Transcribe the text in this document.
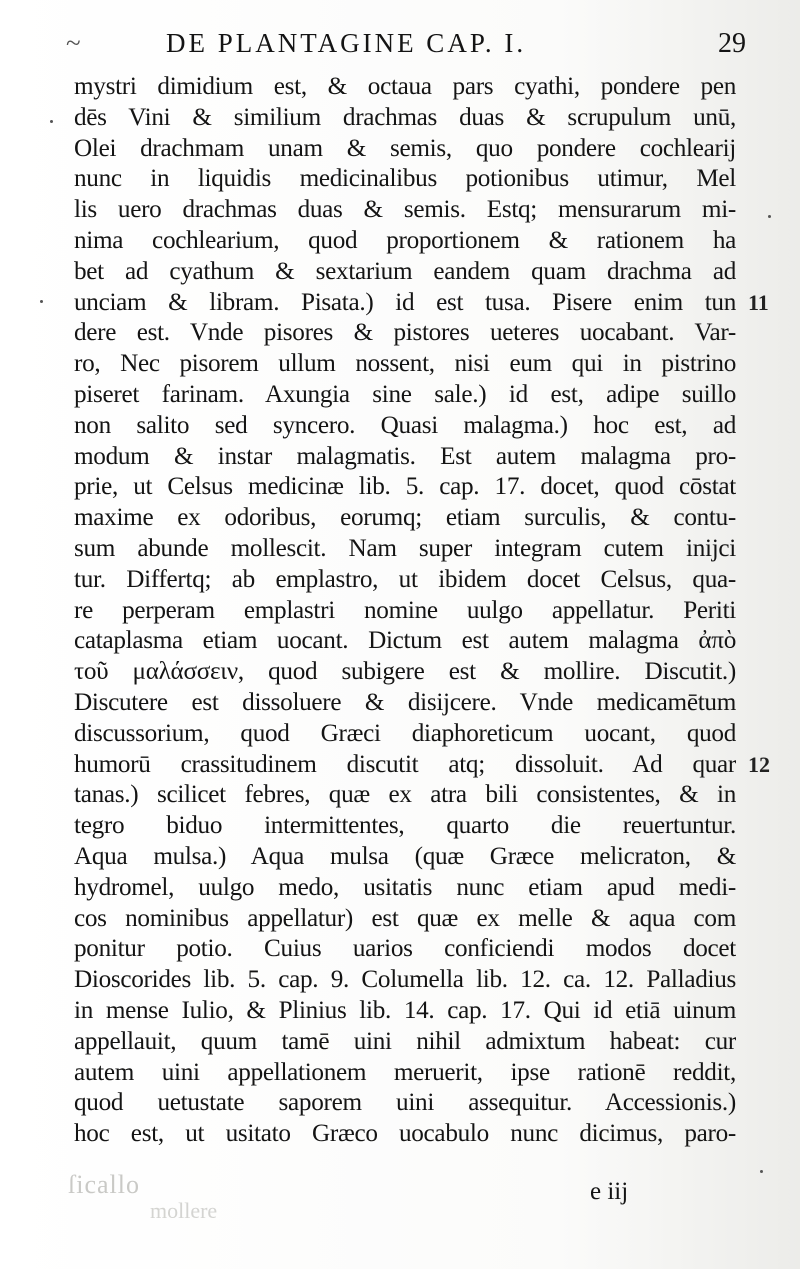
~	DE PLANTAGINE CAP. I.	29
mystri dimidium est, & octaua pars cyathi, pondere pen
dēs Vini & similium drachmas duas & scrupulum unū,
Olei drachmam unam & semis, quo pondere cochlearij
nunc in liquidis medicinalibus potionibus utimur, Mel
lis uero drachmas duas & semis. Estq; mensurarum mi-
nima cochlearium, quod proportionem & rationem ha
bet ad cyathum & sextarium eandem quam drachma ad
unciam & libram. Pisata.) id est tusa. Pisere enim tun
dere est. Vnde pisores & pistores ueteres uocabant. Var-
ro, Nec pisorem ullum nossent, nisi eum qui in pistrino
piseret farinam. Axungia sine sale.) id est, adipe suillo
non salito sed syncero. Quasi malagma.) hoc est, ad
modum & instar malagmatis. Est autem malagma pro-
prie, ut Celsus medicinæ lib. 5. cap. 17. docet, quod cōstat
maxime ex odoribus, eorumq; etiam surculis, & contu-
sum abunde mollescit. Nam super integram cutem inijci
tur. Differtq; ab emplastro, ut ibidem docet Celsus, qua-
re perperam emplastri nomine uulgo appellatur. Periti
cataplasma etiam uocant. Dictum est autem malagma ἀπὸ
τοῦ μαλάσσειν, quod subigere est & mollire. Discutit.)
Discutere est dissoluere & disijcere. Vnde medicamētum
discussorium, quod Græci diaphoreticum uocant, quod
humorū crassitudinem discutit atq; dissoluit. Ad quar
tanas.) scilicet febres, quæ ex atra bili consistentes, & in
tegro biduo intermittentes, quarto die reuertuntur.
Aqua mulsa.) Aqua mulsa (quæ Græce melicraton, &
hydromel, uulgo medo, usitatis nunc etiam apud medi-
cos nominibus appellatur) est quæ ex melle & aqua com
ponitur potio. Cuius uarios conficiendi modos docet
Dioscorides lib. 5. cap. 9. Columella lib. 12. ca. 12. Palladius
in mense Iulio, & Plinius lib. 14. cap. 17. Qui id etiā uinum
appellauit, quum tamē uini nihil admixtum habeat: cur
autem uini appellationem meruerit, ipse rationē reddit,
quod uetustate saporem uini assequitur. Accessionis.)
hoc est, ut usitato Græco uocabulo nunc dicimus, paro-
11
12
e iij
ſicallo
mollere
